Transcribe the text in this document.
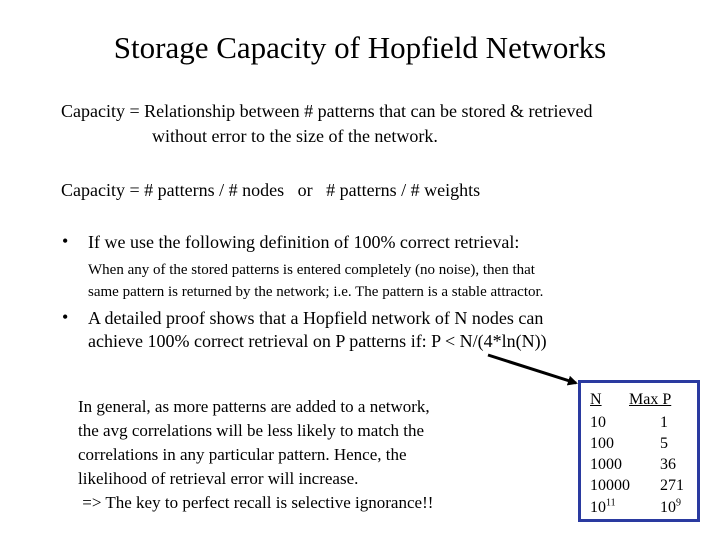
Storage Capacity of Hopfield Networks
Capacity = Relationship between # patterns that can be stored & retrieved
without error to the size of the network.
Capacity = # patterns / # nodes   or   # patterns / # weights
• If we use the following definition of 100% correct retrieval:
When any of the stored patterns is entered completely (no noise), then that
same pattern is returned by the network; i.e. The pattern is a stable attractor.
• A detailed proof shows that a Hopfield network of N nodes can
achieve 100% correct retrieval on P patterns if: P < N/(4*ln(N))
In general, as more patterns are added to a network,
the avg correlations will be less likely to match the
correlations in any particular pattern. Hence, the
likelihood of retrieval error will increase.
=> The key to perfect recall is selective ignorance!!
N Max P
10	1
100	5
1000 36
10000 271
$10^{11}$	$10^9$
